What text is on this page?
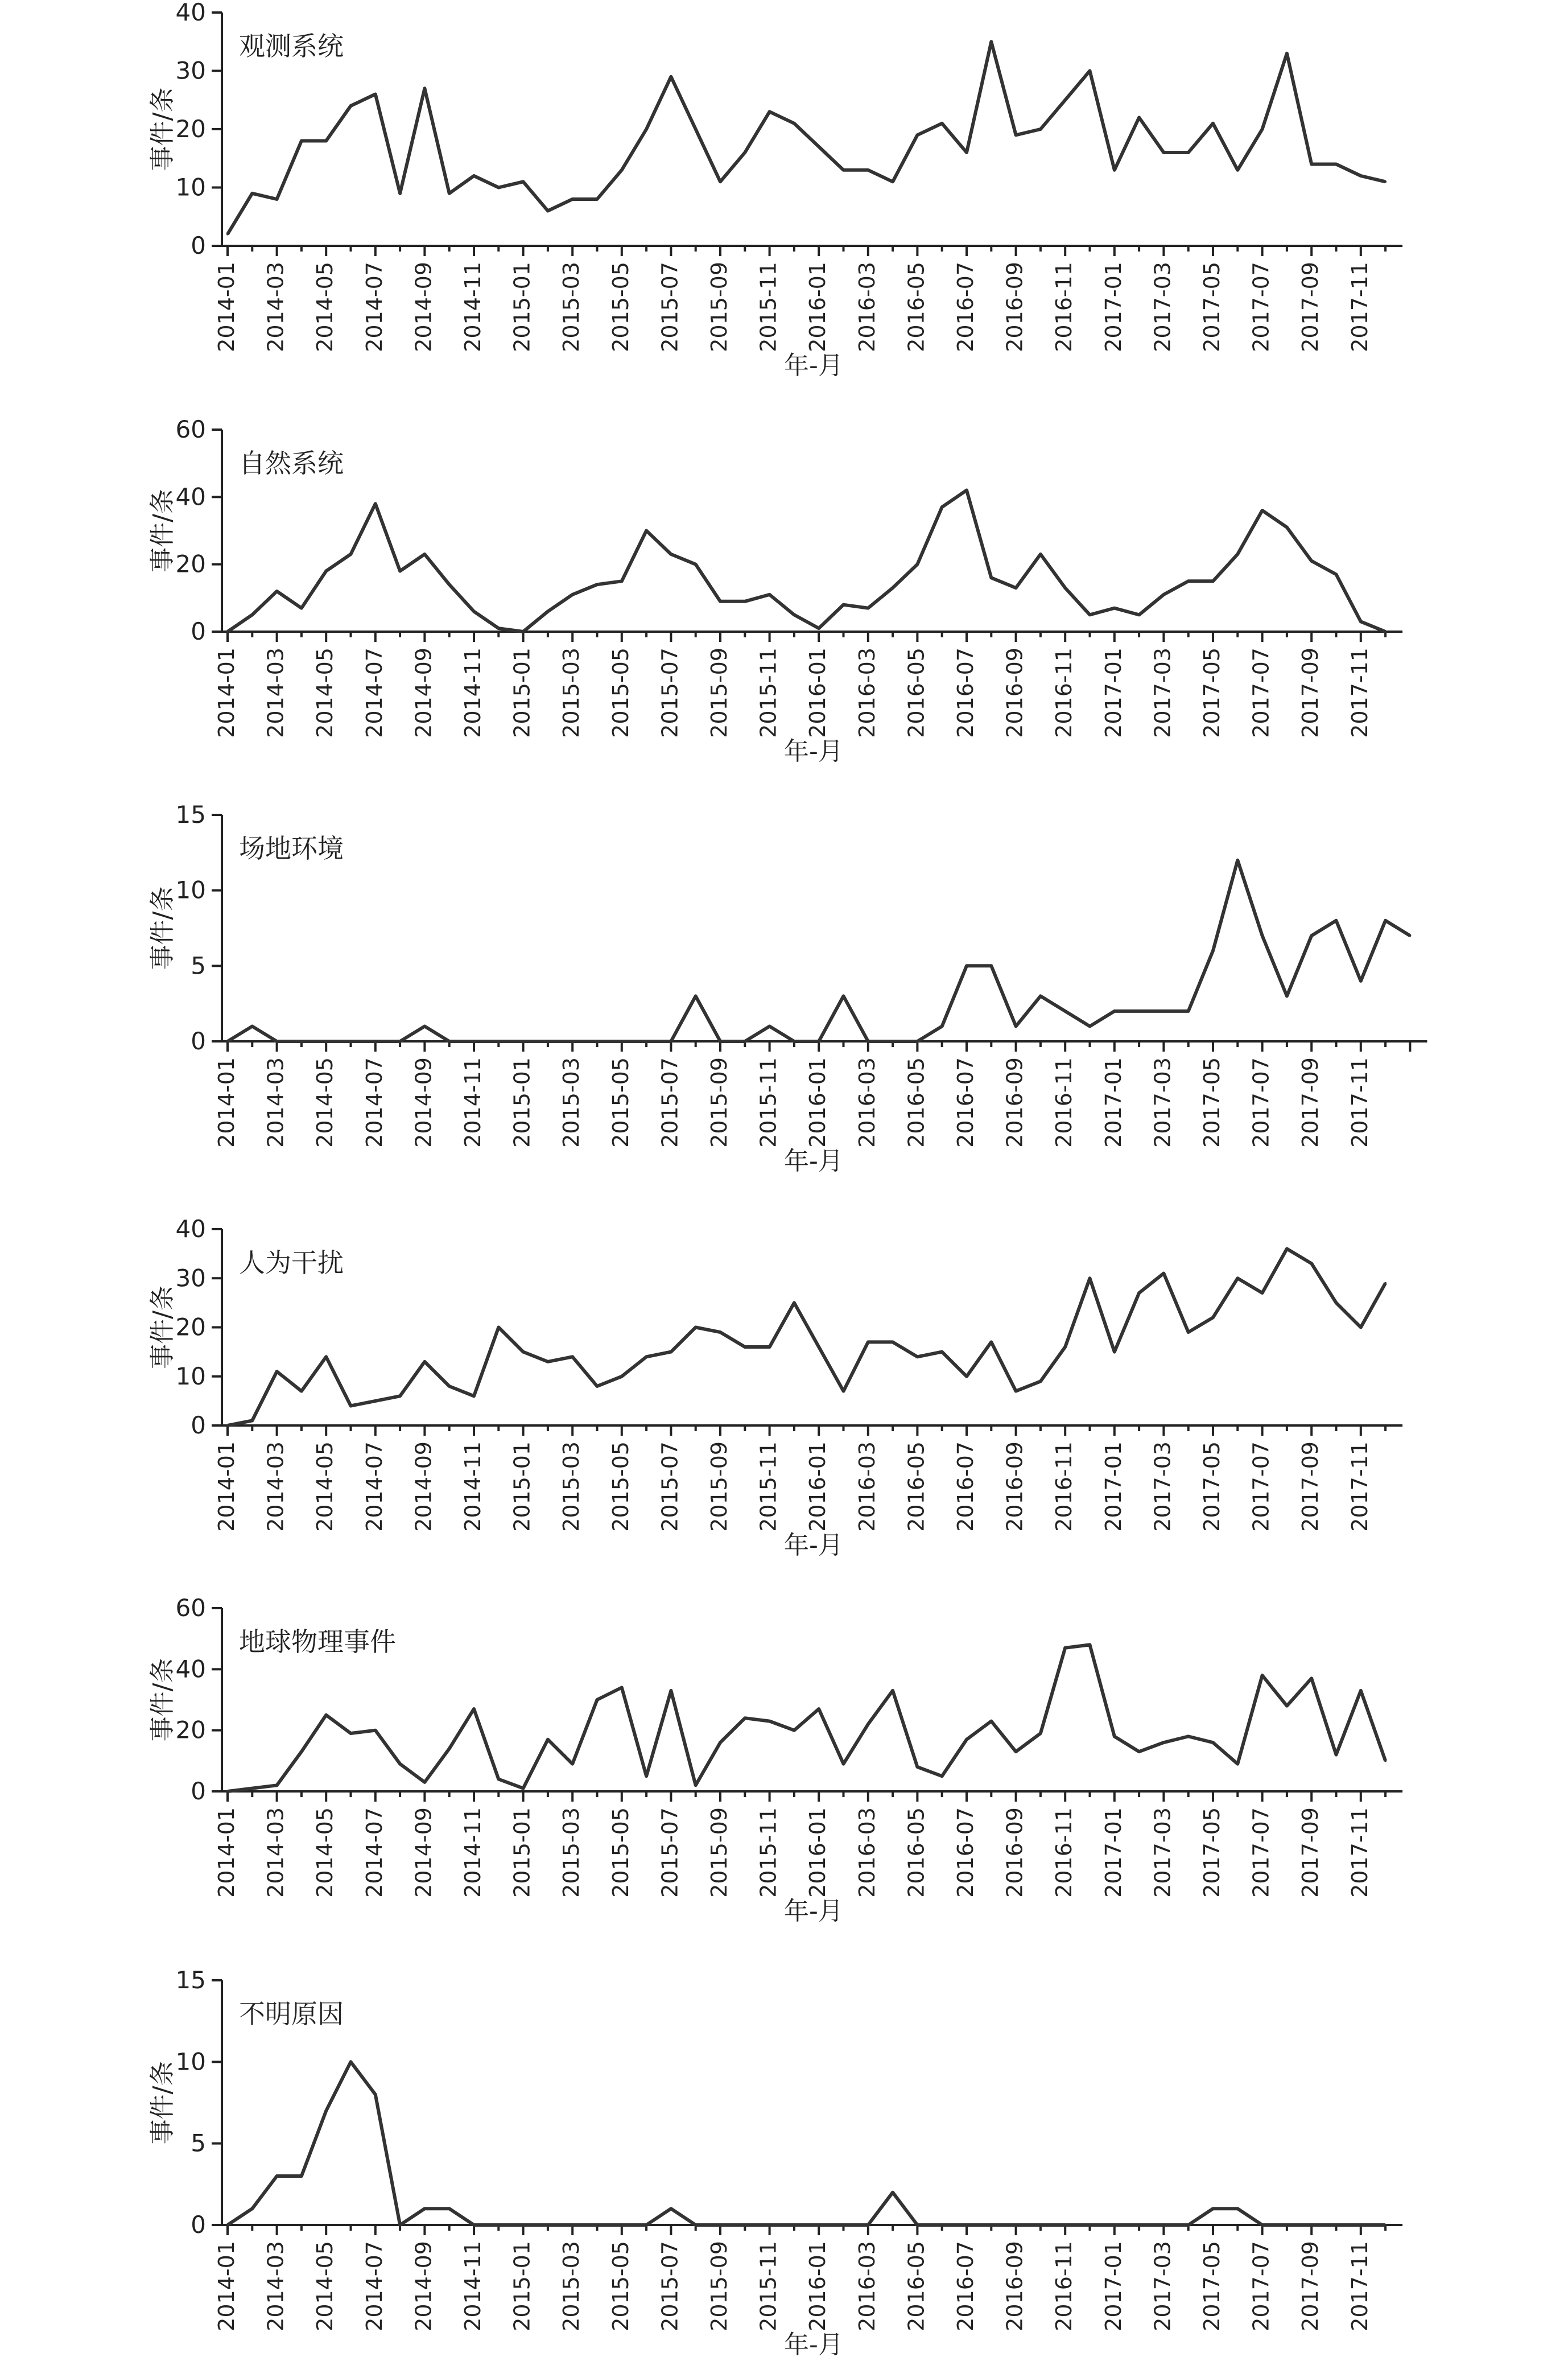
0
10
20
30
40
2014-01 2014-03 2014-05 2014-07 2014-09 2014-11 2015-01 2015-03 2015-05 2015-07 2015-09 2015-11 2016-01 2016-03 2016-05 2016-07 2016-09 2016-11 2017-01 2017-03 2017-05 2017-07 2017-09 2017-11
观测系统
事件/条
年-月
0
20
40
60
2014-01 2014-03 2014-05 2014-07 2014-09 2014-11 2015-01 2015-03 2015-05 2015-07 2015-09 2015-11 2016-01 2016-03 2016-05 2016-07 2016-09 2016-11 2017-01 2017-03 2017-05 2017-07 2017-09 2017-11
自然系统
事件/条
年-月
0
5
10
15
2014-01 2014-03 2014-05 2014-07 2014-09 2014-11 2015-01 2015-03 2015-05 2015-07 2015-09 2015-11 2016-01 2016-03 2016-05 2016-07 2016-09 2016-11 2017-01 2017-03 2017-05 2017-07 2017-09 2017-11
场地环境
事件/条
年-月
0
10
20
30
40
2014-01 2014-03 2014-05 2014-07 2014-09 2014-11 2015-01 2015-03 2015-05 2015-07 2015-09 2015-11 2016-01 2016-03 2016-05 2016-07 2016-09 2016-11 2017-01 2017-03 2017-05 2017-07 2017-09 2017-11
人为干扰
事件/条
年-月
0
20
40
60
2014-01 2014-03 2014-05 2014-07 2014-09 2014-11 2015-01 2015-03 2015-05 2015-07 2015-09 2015-11 2016-01 2016-03 2016-05 2016-07 2016-09 2016-11 2017-01 2017-03 2017-05 2017-07 2017-09 2017-11
地球物理事件
事件/条
年-月
0
5
10
15
2014-01 2014-03 2014-05 2014-07 2014-09 2014-11 2015-01 2015-03 2015-05 2015-07 2015-09 2015-11 2016-01 2016-03 2016-05 2016-07 2016-09 2016-11 2017-01 2017-03 2017-05 2017-07 2017-09 2017-11
不明原因
事件/条
年-月
